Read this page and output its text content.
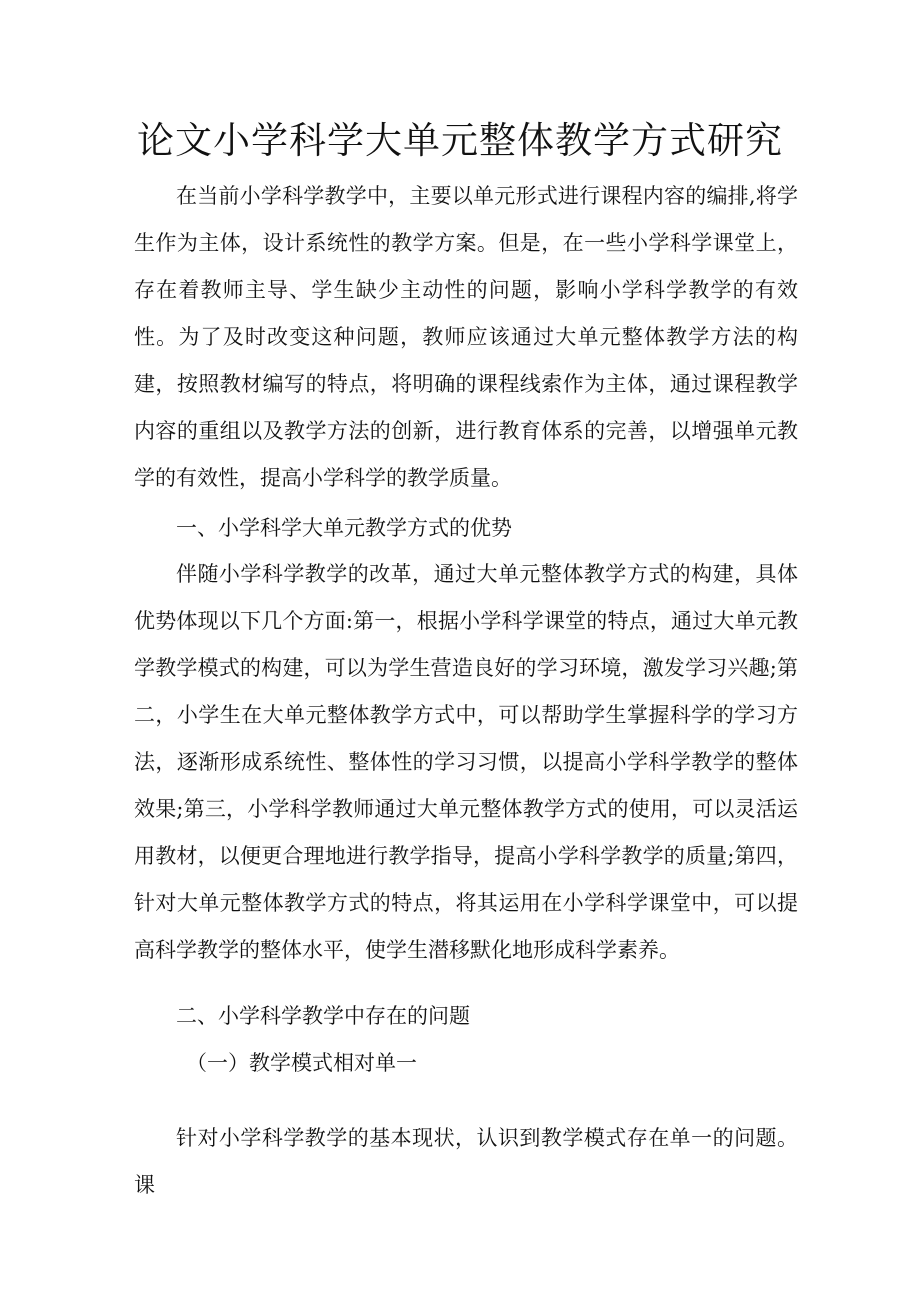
论文小学科学大单元整体教学方式研究

在当前小学科学教学中，主要以单元形式进行课程内容的编排,将学生作为主体，设计系统性的教学方案。但是，在一些小学科学课堂上，存在着教师主导、学生缺少主动性的问题，影响小学科学教学的有效性。为了及时改变这种问题，教师应该通过大单元整体教学方法的构建，按照教材编写的特点，将明确的课程线索作为主体，通过课程教学内容的重组以及教学方法的创新，进行教育体系的完善，以增强单元教学的有效性，提高小学科学的教学质量。

一、小学科学大单元教学方式的优势

伴随小学科学教学的改革，通过大单元整体教学方式的构建，具体优势体现以下几个方面:第一，根据小学科学课堂的特点，通过大单元教学教学模式的构建，可以为学生营造良好的学习环境，激发学习兴趣;第二，小学生在大单元整体教学方式中，可以帮助学生掌握科学的学习方法，逐渐形成系统性、整体性的学习习惯，以提高小学科学教学的整体效果;第三，小学科学教师通过大单元整体教学方式的使用，可以灵活运用教材，以便更合理地进行教学指导，提高小学科学教学的质量;第四，针对大单元整体教学方式的特点，将其运用在小学科学课堂中，可以提高科学教学的整体水平，使学生潜移默化地形成科学素养。

二、小学科学教学中存在的问题
（一）教学模式相对单一

针对小学科学教学的基本现状，认识到教学模式存在单一的问题。课
